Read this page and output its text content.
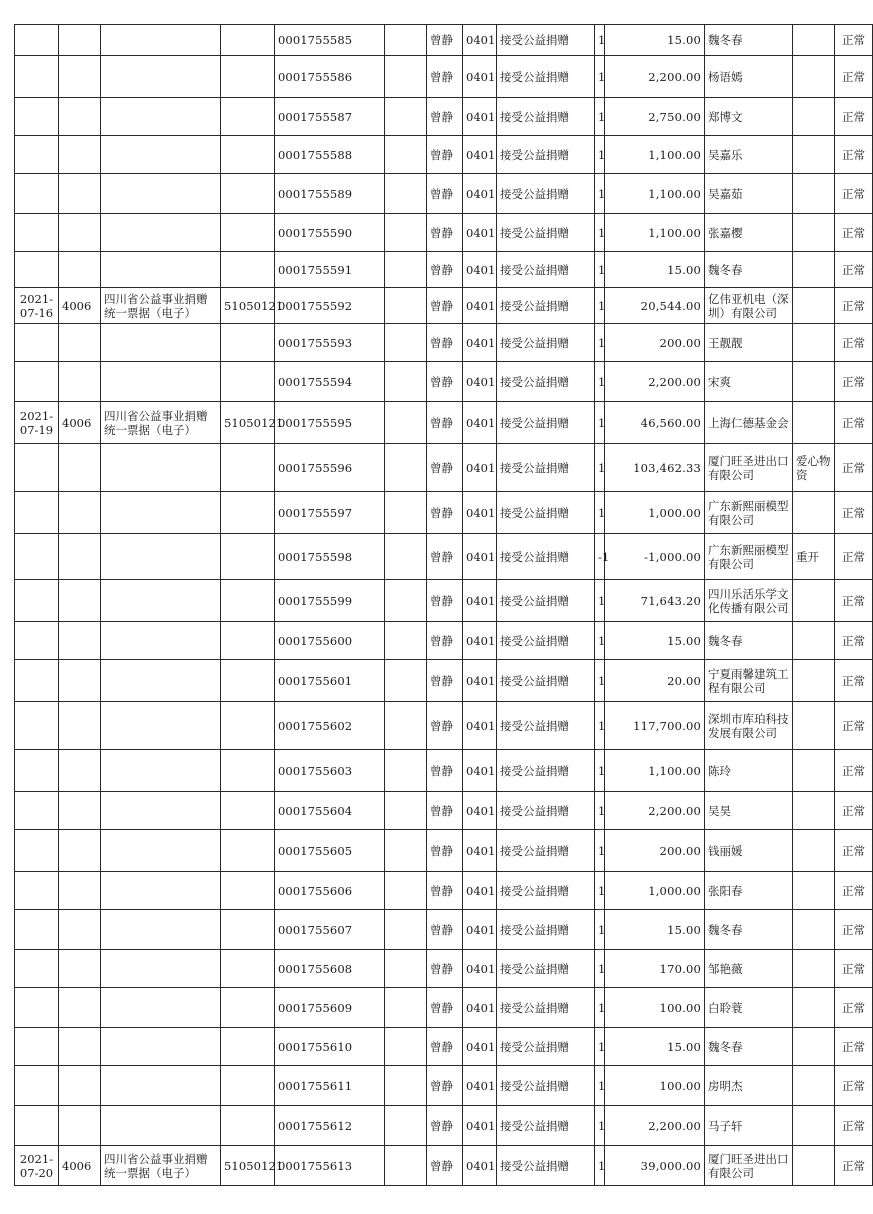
				0001755585		曾静	0401	接受公益捐赠	1	15.00	魏冬春		正常
				0001755586		曾静	0401	接受公益捐赠	1	2,200.00	杨语嫣		正常
				0001755587		曾静	0401	接受公益捐赠	1	2,750.00	郑博文		正常
				0001755588		曾静	0401	接受公益捐赠	1	1,100.00	吴嘉乐		正常
				0001755589		曾静	0401	接受公益捐赠	1	1,100.00	吴嘉茹		正常
				0001755590		曾静	0401	接受公益捐赠	1	1,100.00	张嘉樱		正常
				0001755591		曾静	0401	接受公益捐赠	1	15.00	魏冬春		正常
2021-07-16	4006	四川省公益事业捐赠统一票据（电子）	51050121	0001755592		曾静	0401	接受公益捐赠	1	20,544.00	亿伟亚机电（深圳）有限公司		正常
				0001755593		曾静	0401	接受公益捐赠	1	200.00	王靓靓		正常
				0001755594		曾静	0401	接受公益捐赠	1	2,200.00	宋爽		正常
2021-07-19	4006	四川省公益事业捐赠统一票据（电子）	51050121	0001755595		曾静	0401	接受公益捐赠	1	46,560.00	上海仁德基金会		正常
				0001755596		曾静	0401	接受公益捐赠	1	103,462.33	厦门旺圣进出口有限公司	爱心物资	正常
				0001755597		曾静	0401	接受公益捐赠	1	1,000.00	广东新熙丽模型有限公司		正常
				0001755598		曾静	0401	接受公益捐赠	-1	-1,000.00	广东新熙丽模型有限公司	重开	正常
				0001755599		曾静	0401	接受公益捐赠	1	71,643.20	四川乐活乐学文化传播有限公司		正常
				0001755600		曾静	0401	接受公益捐赠	1	15.00	魏冬春		正常
				0001755601		曾静	0401	接受公益捐赠	1	20.00	宁夏雨馨建筑工程有限公司		正常
				0001755602		曾静	0401	接受公益捐赠	1	117,700.00	深圳市库珀科技发展有限公司		正常
				0001755603		曾静	0401	接受公益捐赠	1	1,100.00	陈玲		正常
				0001755604		曾静	0401	接受公益捐赠	1	2,200.00	吴昊		正常
				0001755605		曾静	0401	接受公益捐赠	1	200.00	钱丽媛		正常
				0001755606		曾静	0401	接受公益捐赠	1	1,000.00	张阳春		正常
				0001755607		曾静	0401	接受公益捐赠	1	15.00	魏冬春		正常
				0001755608		曾静	0401	接受公益捐赠	1	170.00	邹艳薇		正常
				0001755609		曾静	0401	接受公益捐赠	1	100.00	白聆蓑		正常
				0001755610		曾静	0401	接受公益捐赠	1	15.00	魏冬春		正常
				0001755611		曾静	0401	接受公益捐赠	1	100.00	房明杰		正常
				0001755612		曾静	0401	接受公益捐赠	1	2,200.00	马子轩		正常
2021-07-20	4006	四川省公益事业捐赠统一票据（电子）	51050121	0001755613		曾静	0401	接受公益捐赠	1	39,000.00	厦门旺圣进出口有限公司		正常
